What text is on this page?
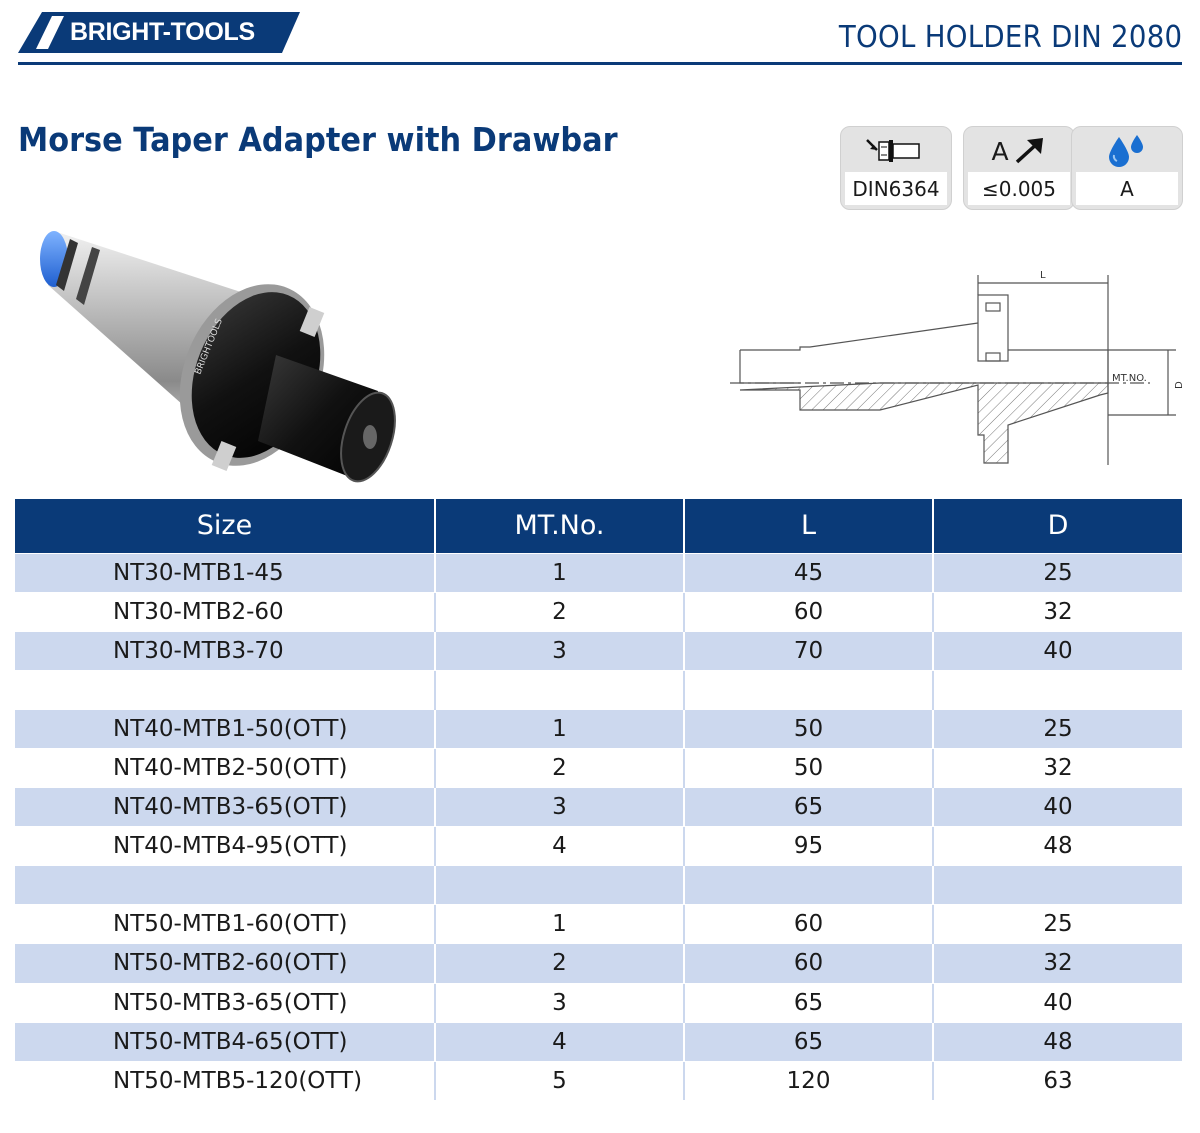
BRIGHT-TOOLS	TOOL HOLDER DIN 2080
Morse Taper Adapter with Drawbar
DIN6364
A
≤0.005	A
BRIGHTOOLS
L
MT.NO.
D
Size	MT.No.	L	D
NT30-MTB1-45	1	45	25
NT30-MTB2-60	2	60	32
NT30-MTB3-70	3	70	40

NT40-MTB1-50(OTT)	1	50	25
NT40-MTB2-50(OTT)	2	50	32
NT40-MTB3-65(OTT)	3	65	40
NT40-MTB4-95(OTT)	4	95	48

NT50-MTB1-60(OTT)	1	60	25
NT50-MTB2-60(OTT)	2	60	32
NT50-MTB3-65(OTT)	3	65	40
NT50-MTB4-65(OTT)	4	65	48
NT50-MTB5-120(OTT)	5	120	63
